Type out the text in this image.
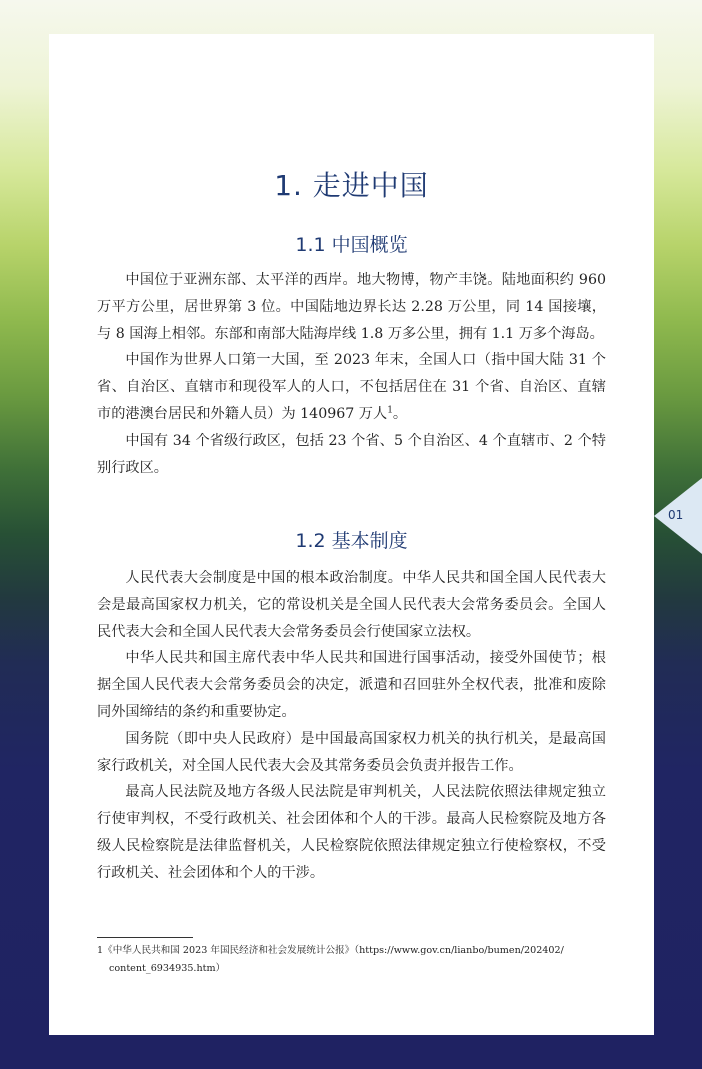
1. 走进中国
1.1 中国概览

中国位于亚洲东部、太平洋的西岸。地大物博，物产丰饶。陆地面积约 960 万平方公里，居世界第 3 位。中国陆地边界长达 2.28 万公里，同 14 国接壤，与 8 国海上相邻。东部和南部大陆海岸线 1.8 万多公里，拥有 1.1 万多个海岛。

中国作为世界人口第一大国，至 2023 年末，全国人口（指中国大陆 31 个省、自治区、直辖市和现役军人的人口，不包括居住在 31 个省、自治区、直辖市的港澳台居民和外籍人员）为 140967 万人$^1$。

中国有 34 个省级行政区，包括 23 个省、5 个自治区、4 个直辖市、2 个特别行政区。

1.2 基本制度

人民代表大会制度是中国的根本政治制度。中华人民共和国全国人民代表大会是最高国家权力机关，它的常设机关是全国人民代表大会常务委员会。全国人民代表大会和全国人民代表大会常务委员会行使国家立法权。

中华人民共和国主席代表中华人民共和国进行国事活动，接受外国使节；根据全国人民代表大会常务委员会的决定，派遣和召回驻外全权代表，批准和废除同外国缔结的条约和重要协定。

国务院（即中央人民政府）是中国最高国家权力机关的执行机关，是最高国家行政机关，对全国人民代表大会及其常务委员会负责并报告工作。

最高人民法院及地方各级人民法院是审判机关，人民法院依照法律规定独立行使审判权，不受行政机关、社会团体和个人的干涉。最高人民检察院及地方各级人民检察院是法律监督机关，人民检察院依照法律规定独立行使检察权，不受行政机关、社会团体和个人的干涉。

1《中华人民共和国 2023 年国民经济和社会发展统计公报》（https://www.gov.cn/lianbo/bumen/202402/
content_6934935.htm）
01
